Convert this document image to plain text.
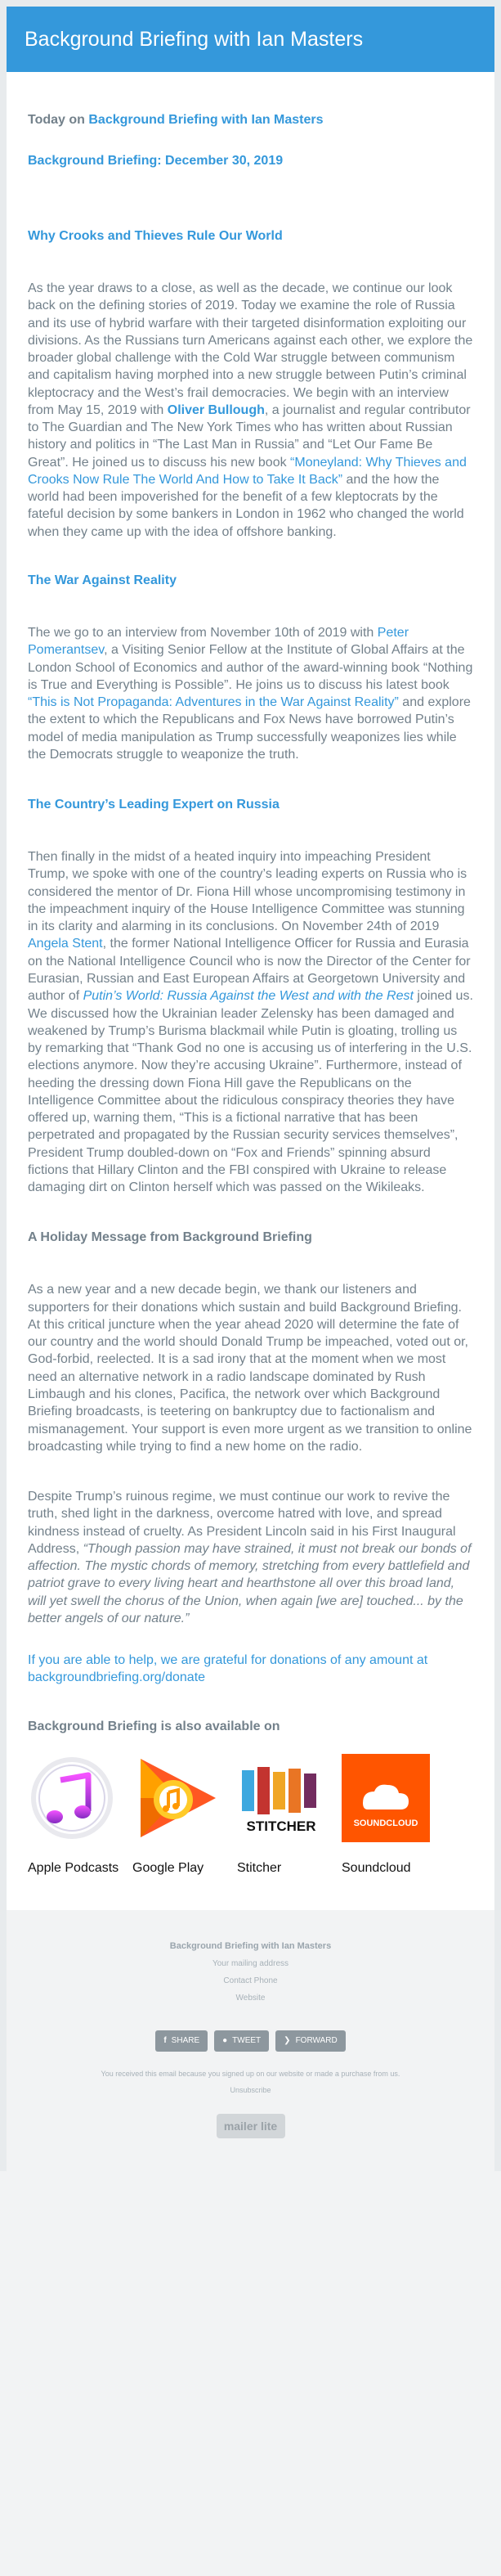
Background Briefing with Ian Masters
Today on Background Briefing with Ian Masters
Background Briefing: December 30, 2019
Why Crooks and Thieves Rule Our World

As the year draws to a close, as well as the decade, we continue our look back on the defining stories of 2019. Today we examine the role of Russia and its use of hybrid warfare with their targeted disinformation exploiting our divisions. As the Russians turn Americans against each other, we explore the broader global challenge with the Cold War struggle between communism and capitalism having morphed into a new struggle between Putin’s criminal kleptocracy and the West’s frail democracies. We begin with an interview from May 15, 2019 with Oliver Bullough, a journalist and regular contributor to The Guardian and The New York Times who has written about Russian history and politics in “The Last Man in Russia” and “Let Our Fame Be Great”. He joined us to discuss his new book “Moneyland: Why Thieves and Crooks Now Rule The World And How to Take It Back” and the how the world had been impoverished for the benefit of a few kleptocrats by the fateful decision by some bankers in London in 1962 who changed the world when they came up with the idea of offshore banking.

The War Against Reality

The we go to an interview from November 10th of 2019 with Peter Pomerantsev, a Visiting Senior Fellow at the Institute of Global Affairs at the London School of Economics and author of the award-winning book “Nothing is True and Everything is Possible”. He joins us to discuss his latest book “This is Not Propaganda: Adventures in the War Against Reality” and explore the extent to which the Republicans and Fox News have borrowed Putin’s model of media manipulation as Trump successfully weaponizes lies while the Democrats struggle to weaponize the truth.

The Country’s Leading Expert on Russia

Then finally in the midst of a heated inquiry into impeaching President Trump, we spoke with one of the country’s leading experts on Russia who is considered the mentor of Dr. Fiona Hill whose uncompromising testimony in the impeachment inquiry of the House Intelligence Committee was stunning in its clarity and alarming in its conclusions. On November 24th of 2019 Angela Stent, the former National Intelligence Officer for Russia and Eurasia on the National Intelligence Council who is now the Director of the Center for Eurasian, Russian and East European Affairs at Georgetown University and author of Putin’s World: Russia Against the West and with the Rest joined us. We discussed how the Ukrainian leader Zelensky has been damaged and weakened by Trump’s Burisma blackmail while Putin is gloating, trolling us by remarking that “Thank God no one is accusing us of interfering in the U.S. elections anymore. Now they’re accusing Ukraine”. Furthermore, instead of heeding the dressing down Fiona Hill gave the Republicans on the Intelligence Committee about the ridiculous conspiracy theories they have offered up, warning them, “This is a fictional narrative that has been perpetrated and propagated by the Russian security services themselves”, President Trump doubled-down on “Fox and Friends” spinning absurd fictions that Hillary Clinton and the FBI conspired with Ukraine to release damaging dirt on Clinton herself which was passed on the Wikileaks.

A Holiday Message from Background Briefing

As a new year and a new decade begin, we thank our listeners and supporters for their donations which sustain and build Background Briefing. At this critical juncture when the year ahead 2020 will determine the fate of our country and the world should Donald Trump be impeached, voted out or, God-forbid, reelected. It is a sad irony that at the moment when we most need an alternative network in a radio landscape dominated by Rush Limbaugh and his clones, Pacifica, the network over which Background Briefing broadcasts, is teetering on bankruptcy due to factionalism and mismanagement. Your support is even more urgent as we transition to online broadcasting while trying to find a new home on the radio.

Despite Trump’s ruinous regime, we must continue our work to revive the truth, shed light in the darkness, overcome hatred with love, and spread kindness instead of cruelty. As President Lincoln said in his First Inaugural Address, “Though passion may have strained, it must not break our bonds of affection. The mystic chords of memory, stretching from every battlefield and patriot grave to every living heart and hearthstone all over this broad land, will yet swell the chorus of the Union, when again [we are] touched... by the better angels of our nature.”

If you are able to help, we are grateful for donations of any amount at backgroundbriefing.org/donate

Background Briefing is also available on
Apple Podcasts	Google Play
STITCHER
Stitcher
SOUNDCLOUD
Soundcloud
Background Briefing with Ian Masters
Your mailing address
Contact Phone
Website
f SHARE	● TWEET	❯ FORWARD
You received this email because you signed up on our website or made a purchase from us.
Unsubscribe
mailer lite
